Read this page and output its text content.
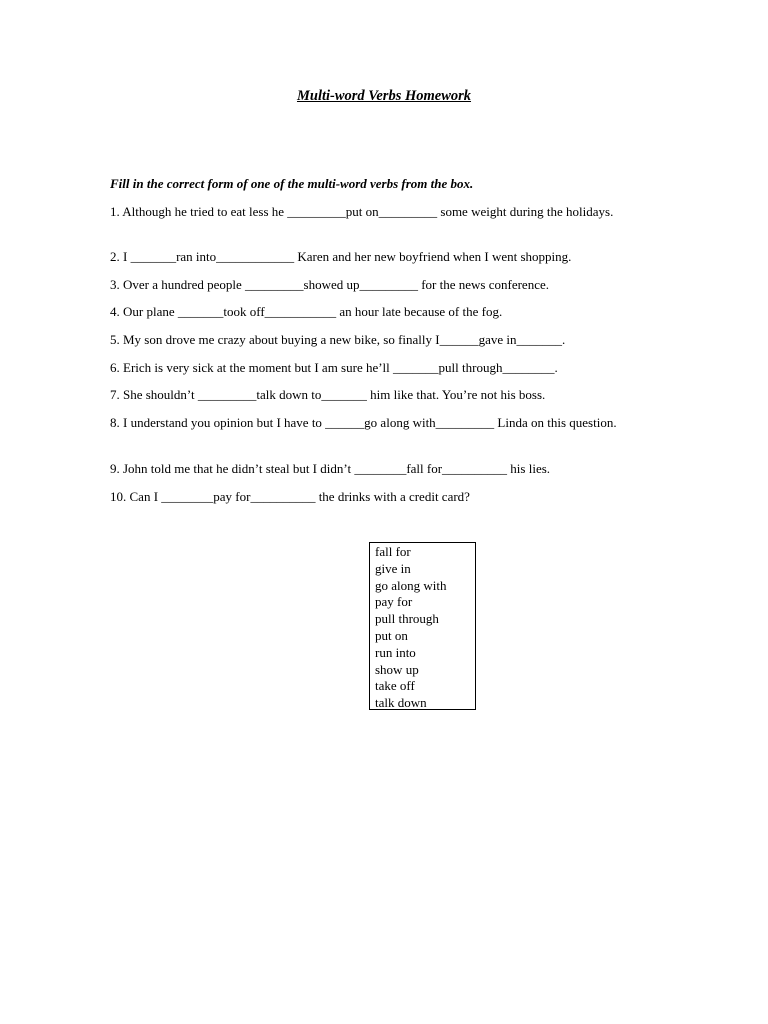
Multi-word Verbs Homework
Fill in the correct form of one of the multi-word verbs from the box.
1. Although he tried to eat less he _________put on_________ some weight during the holidays.
2. I _______ran into____________ Karen and her new boyfriend when I went shopping.
3. Over a hundred people _________showed up_________ for the news conference.
4. Our plane _______took off___________ an hour late because of the fog.
5. My son drove me crazy about buying a new bike, so finally I______gave in_______.
6. Erich is very sick at the moment but I am sure he’ll _______pull through________.
7. She shouldn’t _________talk down to_______ him like that. You’re not his boss.
8. I understand you opinion but I have to ______go along with_________ Linda on this question.
9. John told me that he didn’t steal but I didn’t ________fall for__________ his lies.
10. Can I ________pay for__________ the drinks with a credit card?
fall for
give in
go along with
pay for
pull through
put on
run into
show up
take off
talk down
